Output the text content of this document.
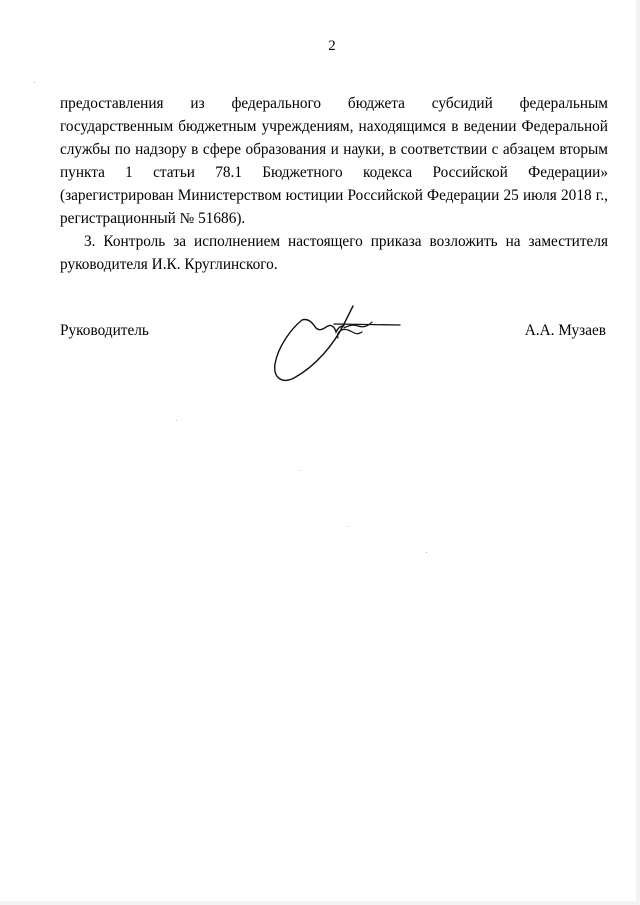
2

предоставления из федерального бюджета субсидий федеральным государственным бюджетным учреждениям, находящимся в ведении Федеральной службы по надзору в сфере образования и науки, в соответствии с абзацем вторым пункта 1 статьи 78.1 Бюджетного кодекса Российской Федерации» (зарегистрирован Министерством юстиции Российской Федерации 25 июля 2018 г., регистрационный № 51686).

3. Контроль за исполнением настоящего приказа возложить на заместителя руководителя И.К. Круглинского.

Руководитель	А.А. Музаев
